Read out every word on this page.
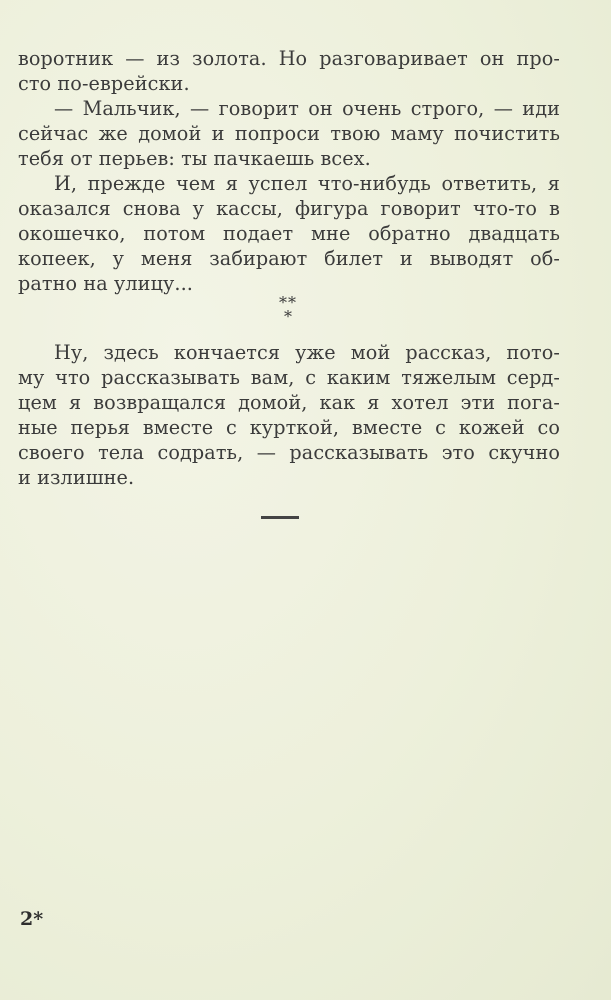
воротник — из золота. Но разговаривает он про-
сто по-еврейски.
— Мальчик, — говорит он очень строго, — иди
сейчас же домой и попроси твою маму почистить
тебя от перьев: ты пачкаешь всех.
И, прежде чем я успел что-нибудь ответить, я
оказался снова у кассы, фигура говорит что-то в
окошечко, потом подает мне обратно двадцать
копеек, у меня забирают билет и выводят об-
ратно на улицу...
**
*
Ну, здесь кончается уже мой рассказ, пото-
му что рассказывать вам, с каким тяжелым серд-
цем я возвращался домой, как я хотел эти пога-
ные перья вместе с курткой, вместе с кожей со
своего тела содрать, — рассказывать это скучно
и излишне.
2*
